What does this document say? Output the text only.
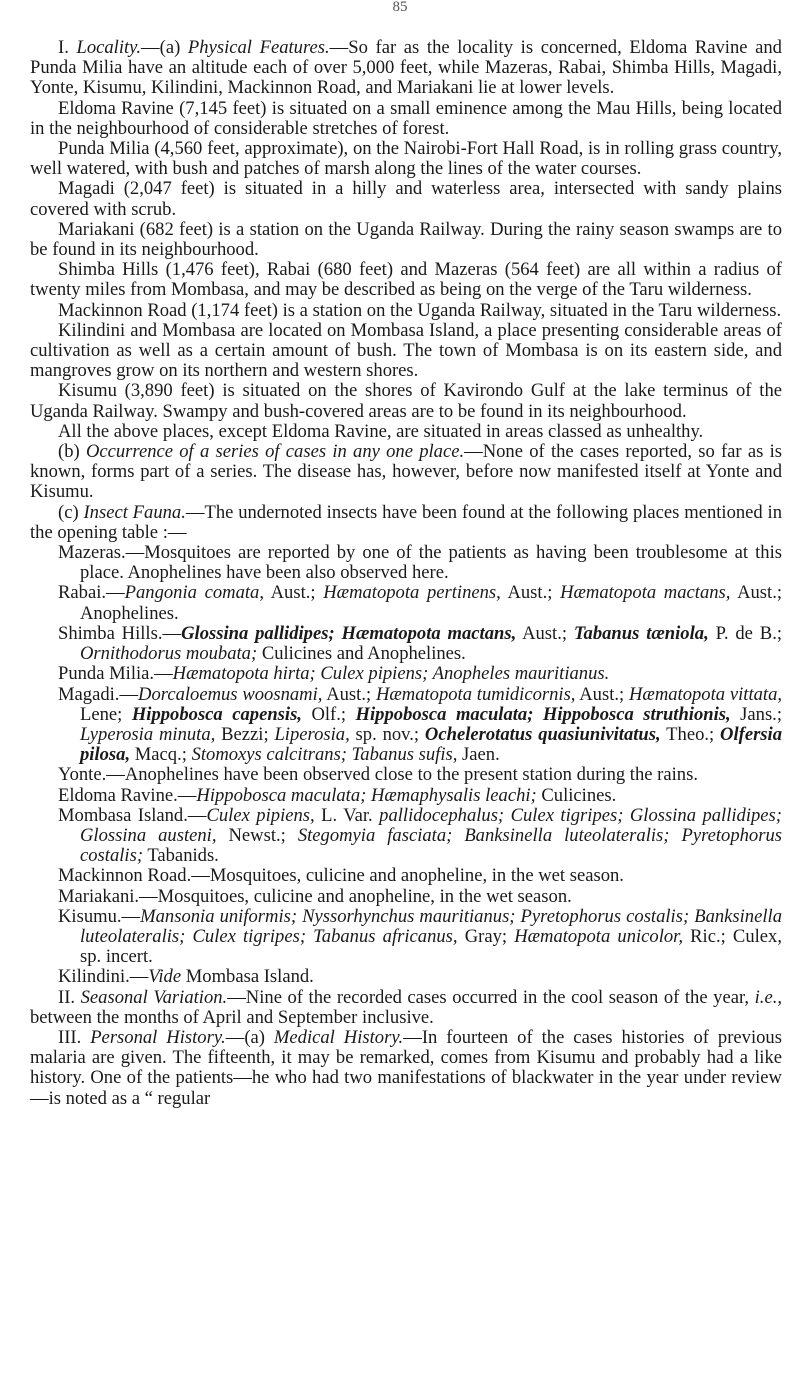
85

I. Locality.—(a) Physical Features.—So far as the locality is concerned, Eldoma Ravine and Punda Milia have an altitude each of over 5,000 feet, while Mazeras, Rabai, Shimba Hills, Magadi, Yonte, Kisumu, Kilindini, Mackinnon Road, and Mariakani lie at lower levels.

Eldoma Ravine (7,145 feet) is situated on a small eminence among the Mau Hills, being located in the neighbourhood of considerable stretches of forest.

Punda Milia (4,560 feet, approximate), on the Nairobi-Fort Hall Road, is in rolling grass country, well watered, with bush and patches of marsh along the lines of the water courses.

Magadi (2,047 feet) is situated in a hilly and waterless area, intersected with sandy plains covered with scrub.

Mariakani (682 feet) is a station on the Uganda Railway. During the rainy season swamps are to be found in its neighbourhood.

Shimba Hills (1,476 feet), Rabai (680 feet) and Mazeras (564 feet) are all within a radius of twenty miles from Mombasa, and may be described as being on the verge of the Taru wilderness.

Mackinnon Road (1,174 feet) is a station on the Uganda Railway, situated in the Taru wilderness.

Kilindini and Mombasa are located on Mombasa Island, a place presenting considerable areas of cultivation as well as a certain amount of bush. The town of Mombasa is on its eastern side, and mangroves grow on its northern and western shores.

Kisumu (3,890 feet) is situated on the shores of Kavirondo Gulf at the lake terminus of the Uganda Railway. Swampy and bush-covered areas are to be found in its neighbourhood.

All the above places, except Eldoma Ravine, are situated in areas classed as unhealthy.

(b) Occurrence of a series of cases in any one place.—None of the cases reported, so far as is known, forms part of a series. The disease has, however, before now manifested itself at Yonte and Kisumu.

(c) Insect Fauna.—The undernoted insects have been found at the following places mentioned in the opening table :—

Mazeras.—Mosquitoes are reported by one of the patients as having been troublesome at this place. Anophelines have been also observed here.

Rabai.—Pangonia comata, Aust.; Hæmatopota pertinens, Aust.; Hæmatopota mactans, Aust.; Anophelines.

Shimba Hills.—Glossina pallidipes; Hæmatopota mactans, Aust.; Tabanus tæniola, P. de B.; Ornithodorus moubata; Culicines and Anophelines.

Punda Milia.—Hæmatopota hirta; Culex pipiens; Anopheles mauritianus.

Magadi.—Dorcaloemus woosnami, Aust.; Hæmatopota tumidicornis, Aust.; Hæmatopota vittata, Lene; Hippobosca capensis, Olf.; Hippobosca maculata; Hippobosca struthionis, Jans.; Lyperosia minuta, Bezzi; Liperosia, sp. nov.; Ochelerotatus quasiunivitatus, Theo.; Olfersia pilosa, Macq.; Stomoxys calcitrans; Tabanus sufis, Jaen.

Yonte.—Anophelines have been observed close to the present station during the rains.

Eldoma Ravine.—Hippobosca maculata; Hæmaphysalis leachi; Culicines.

Mombasa Island.—Culex pipiens, L. Var. pallidocephalus; Culex tigripes; Glossina pallidipes; Glossina austeni, Newst.; Stegomyia fasciata; Banksinella luteolateralis; Pyretophorus costalis; Tabanids.

Mackinnon Road.—Mosquitoes, culicine and anopheline, in the wet season.

Mariakani.—Mosquitoes, culicine and anopheline, in the wet season.

Kisumu.—Mansonia uniformis; Nyssorhynchus mauritianus; Pyretophorus costalis; Banksinella luteolateralis; Culex tigripes; Tabanus africanus, Gray; Hæmatopota unicolor, Ric.; Culex, sp. incert.

Kilindini.—Vide Mombasa Island.

II. Seasonal Variation.—Nine of the recorded cases occurred in the cool season of the year, i.e., between the months of April and September inclusive.

III. Personal History.—(a) Medical History.—In fourteen of the cases histories of previous malaria are given. The fifteenth, it may be remarked, comes from Kisumu and probably had a like history. One of the patients—he who had two manifestations of blackwater in the year under review—is noted as a “ regular
